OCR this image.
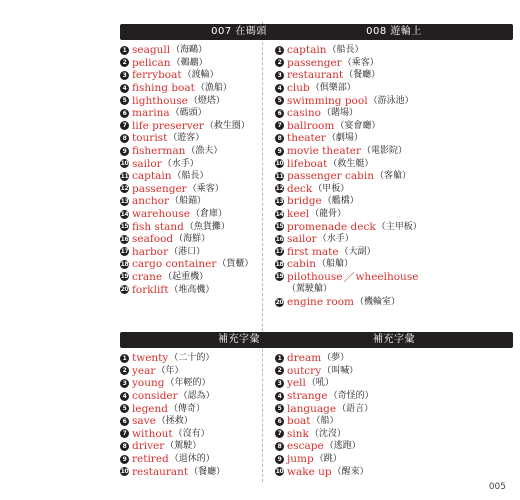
007 在碼頭
1 seagull （海鷗）
2 pelican （鵜鶘）
3 ferryboat （渡輪）
4 fishing boat （漁船）
5 lighthouse （燈塔）
6 marina （碼頭）
7 life preserver （救生圈）
8 tourist （遊客）
9 fisherman （漁夫）
10 sailor （水手）
11 captain （船長）
12 passenger （乘客）
13 anchor （船錨）
14 warehouse （倉庫）
15 fish stand （魚貨攤）
16 seafood （海鮮）
17 harbor （港口）
18 cargo container （貨櫃）
19 crane （起重機）
20 forklift （堆高機）
008 遊輪上
1 captain （船長）
2 passenger （乘客）
3 restaurant （餐廳）
4 club （俱樂部）
5 swimming pool （游泳池）
6 casino （賭場）
7 ballroom （宴會廳）
8 theater （劇場）
9 movie theater （電影院）
10 lifeboat （救生艇）
11 passenger cabin （客艙）
12 deck （甲板）
13 bridge （艦橋）
14 keel （龍骨）
15 promenade deck （主甲板）
16 sailor （水手）
17 first mate （大副）
18 cabin （船艙）
19 pilothouse ／ wheelhouse
（駕駛艙）
20 engine room （機輪室）
補充字彙
1 twenty （二十的）
2 year （年）
3 young （年輕的）
4 consider （認為）
5 legend （傳奇）
6 save （拯救）
7 without （沒有）
8 driver （駕駛）
9 retired （退休的）
10 restaurant （餐廳）
補充字彙
1 dream （夢）
2 outcry （叫喊）
3 yell （吼）
4 strange （奇怪的）
5 language （語言）
6 boat （船）
7 sink （沈沒）
8 escape （逃跑）
9 jump （跳）
10 wake up （醒來）
005
